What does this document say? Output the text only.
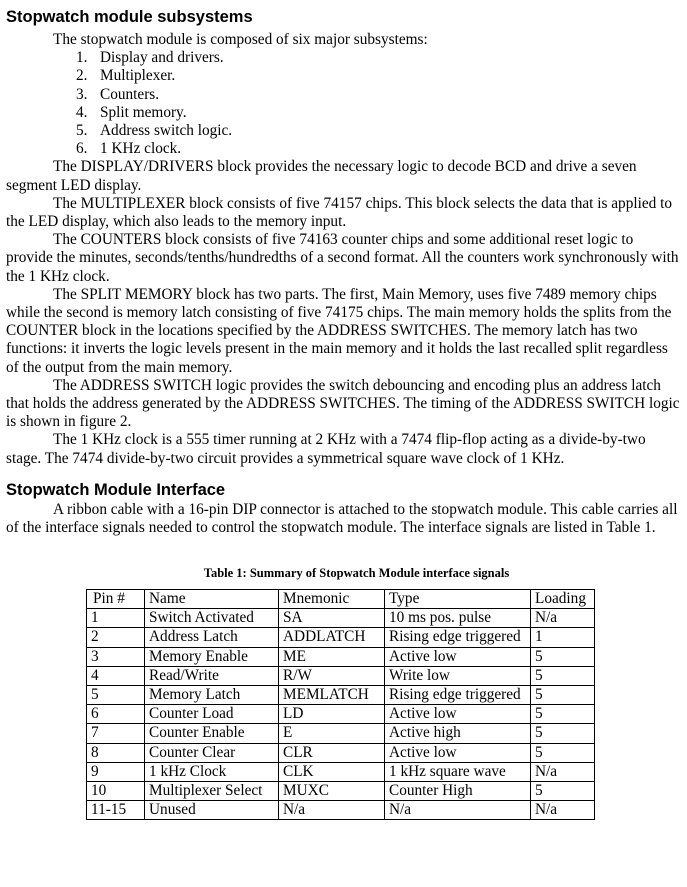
Stopwatch module subsystems

The stopwatch module is composed of six major subsystems:

1. Display and drivers.
2. Multiplexer.
3. Counters.
4. Split memory.
5. Address switch logic.
6. 1 KHz clock.

The DISPLAY/DRIVERS block provides the necessary logic to decode BCD and drive a seven segment LED display.

The MULTIPLEXER block consists of five 74157 chips. This block selects the data that is applied to the LED display, which also leads to the memory input.

The COUNTERS block consists of five 74163 counter chips and some additional reset logic to provide the minutes, seconds/tenths/hundredths of a second format. All the counters work synchronously with the 1 KHz clock.

The SPLIT MEMORY block has two parts. The first, Main Memory, uses five 7489 memory chips while the second is memory latch consisting of five 74175 chips. The main memory holds the splits from the COUNTER block in the locations specified by the ADDRESS SWITCHES. The memory latch has two functions: it inverts the logic levels present in the main memory and it holds the last recalled split regardless of the output from the main memory.

The ADDRESS SWITCH logic provides the switch debouncing and encoding plus an address latch that holds the address generated by the ADDRESS SWITCHES. The timing of the ADDRESS SWITCH logic is shown in figure 2.

The 1 KHz clock is a 555 timer running at 2 KHz with a 7474 flip-flop acting as a divide-by-two stage. The 7474 divide-by-two circuit provides a symmetrical square wave clock of 1 KHz.

Stopwatch Module Interface

A ribbon cable with a 16-pin DIP connector is attached to the stopwatch module. This cable carries all of the interface signals needed to control the stopwatch module. The interface signals are listed in Table 1.

Table 1: Summary of Stopwatch Module interface signals
Pin #	Name	Mnemonic	Type	Loading
1	Switch Activated	SA	10 ms pos. pulse	N/a
2	Address Latch	ADDLATCH	Rising edge triggered	1
3	Memory Enable	ME	Active low	5
4	Read/Write	R/W	Write low	5
5	Memory Latch	MEMLATCH	Rising edge triggered	5
6	Counter Load	LD	Active low	5
7	Counter Enable	E	Active high	5
8	Counter Clear	CLR	Active low	5
9	1 kHz Clock	CLK	1 kHz square wave	N/a
10	Multiplexer Select	MUXC	Counter High	5
11-15	Unused	N/a	N/a	N/a
